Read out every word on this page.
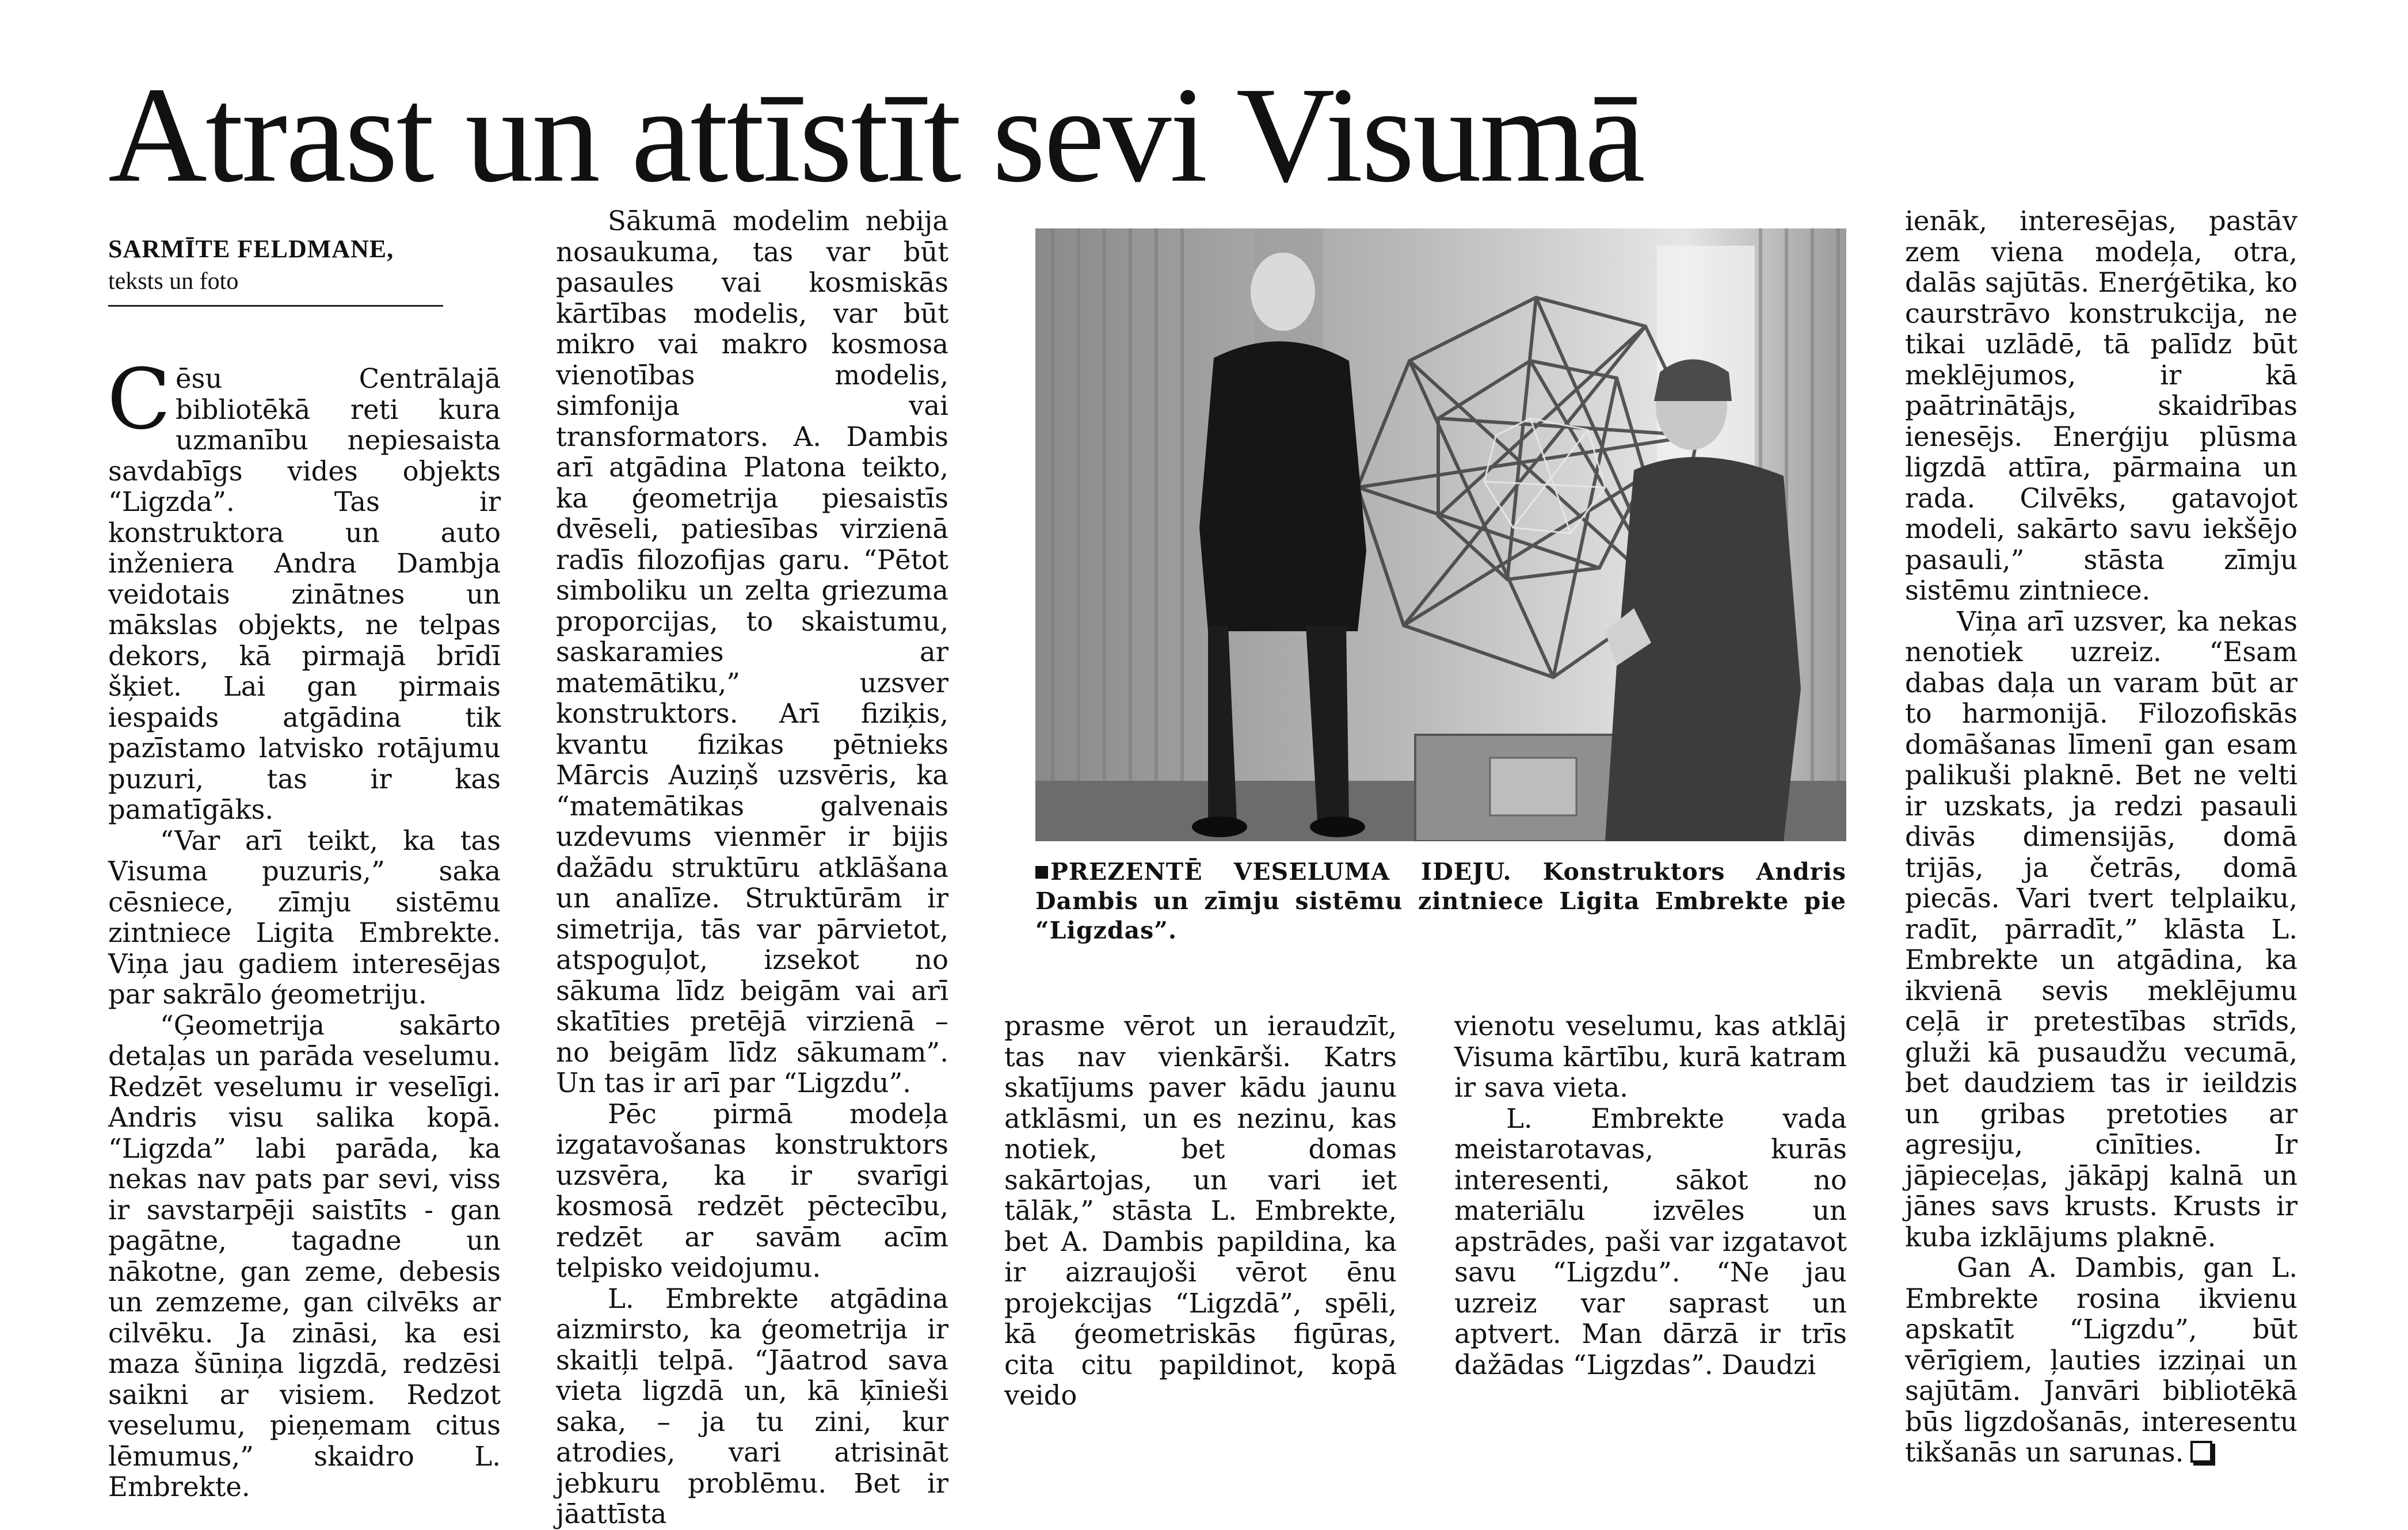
Atrast un attīstīt sevi Visumā
SARMĪTE FELDMANE,
teksts un foto

Cēsu Centrālajā bibliotēkā reti kura uzmanību nepiesaista savdabīgs vides objekts “Ligzda”. Tas ir konstruktora un auto inženiera Andra Dambja veidotais zinātnes un mākslas objekts, ne telpas dekors, kā pirmajā brīdī šķiet. Lai gan pirmais iespaids atgādina tik pazīstamo latvisko rotājumu puzuri, tas ir kas pamatīgāks.

“Var arī teikt, ka tas Visuma puzuris,” saka cēsniece, zīmju sistēmu zintniece Ligita Embrekte. Viņa jau gadiem interesējas par sakrālo ģeometriju.

“Ģeometrija sakārto detaļas un parāda veselumu. Redzēt veselumu ir veselīgi. Andris visu salika kopā. “Ligzda” labi parāda, ka nekas nav pats par sevi, viss ir savstarpēji saistīts - gan pagātne, tagadne un nākotne, gan zeme, debesis un zemzeme, gan cilvēks ar cilvēku. Ja zināsi, ka esi maza šūniņa ligzdā, redzēsi saikni ar visiem. Redzot veselumu, pieņemam citus lēmumus,” skaidro L. Embrekte.

Sākumā modelim nebija nosaukuma, tas var būt pasaules vai kosmiskās kārtības modelis, var būt mikro vai makro kosmosa vienotības modelis, simfonija vai transformators. A. Dambis arī atgādina Platona teikto, ka ģeometrija piesaistīs dvēseli, patiesības virzienā radīs filozofijas garu. “Pētot simboliku un zelta griezuma proporcijas, to skaistumu, saskaramies ar matemātiku,” uzsver konstruktors. Arī fiziķis, kvantu fizikas pētnieks Mārcis Auziņš uzsvēris, ka “matemātikas galvenais uzdevums vienmēr ir bijis dažādu struktūru atklāšana un analīze. Struktūrām ir simetrija, tās var pārvietot, atspoguļot, izsekot no sākuma līdz beigām vai arī skatīties pretējā virzienā – no beigām līdz sākumam”. Un tas ir arī par “Ligzdu”.

Pēc pirmā modeļa izgatavošanas konstruktors uzsvēra, ka ir svarīgi kosmosā redzēt pēctecību, redzēt ar savām acīm telpisko veidojumu.

L. Embrekte atgādina aizmirsto, ka ģeometrija ir skaitļi telpā. “Jāatrod sava vieta ligzdā un, kā ķīnieši saka, – ja tu zini, kur atrodies, vari atrisināt jebkuru problēmu. Bet ir jāattīsta

PREZENTĒ VESELUMA IDEJU. Konstruktors Andris Dambis un zīmju sistēmu zintniece Ligita Embrekte pie “Ligzdas”.

prasme vērot un ieraudzīt, tas nav vienkārši. Katrs skatījums paver kādu jaunu atklāsmi, un es nezinu, kas notiek, bet domas sakārtojas, un vari iet tālāk,” stāsta L. Embrekte, bet A. Dambis papildina, ka ir aizraujoši vērot ēnu projekcijas “Ligzdā”, spēli, kā ģeometriskās figūras, cita citu papildinot, kopā veido

vienotu veselumu, kas atklāj Visuma kārtību, kurā katram ir sava vieta.

L. Embrekte vada meistarotavas, kurās interesenti, sākot no materiālu izvēles un apstrādes, paši var izgatavot savu “Ligzdu”. “Ne jau uzreiz var saprast un aptvert. Man dārzā ir trīs dažādas “Ligzdas”. Daudzi

ienāk, interesējas, pastāv zem viena modeļa, otra, dalās sajūtās. Enerģētika, ko caurstrāvo konstrukcija, ne tikai uzlādē, tā palīdz būt meklējumos, ir kā paātrinātājs, skaidrības ienesējs. Enerģiju plūsma ligzdā attīra, pārmaina un rada. Cilvēks, gatavojot modeli, sakārto savu iekšējo pasauli,” stāsta zīmju sistēmu zintniece.

Viņa arī uzsver, ka nekas nenotiek uzreiz. “Esam dabas daļa un varam būt ar to harmonijā. Filozofiskās domāšanas līmenī gan esam palikuši plaknē. Bet ne velti ir uzskats, ja redzi pasauli divās dimensijās, domā trijās, ja četrās, domā piecās. Vari tvert telplaiku, radīt, pārradīt,” klāsta L. Embrekte un atgādina, ka ikvienā sevis meklējumu ceļā ir pretestības strīds, gluži kā pusaudžu vecumā, bet daudziem tas ir ieildzis un gribas pretoties ar agresiju, cīnīties. Ir jāpieceļas, jākāpj kalnā un jānes savs krusts. Krusts ir kuba izklājums plaknē.

Gan A. Dambis, gan L. Embrekte rosina ikvienu apskatīt “Ligzdu”, būt vērīgiem, ļauties izziņai un sajūtām. Janvāri bibliotēkā būs ligzdošanās, interesentu tikšanās un sarunas.
